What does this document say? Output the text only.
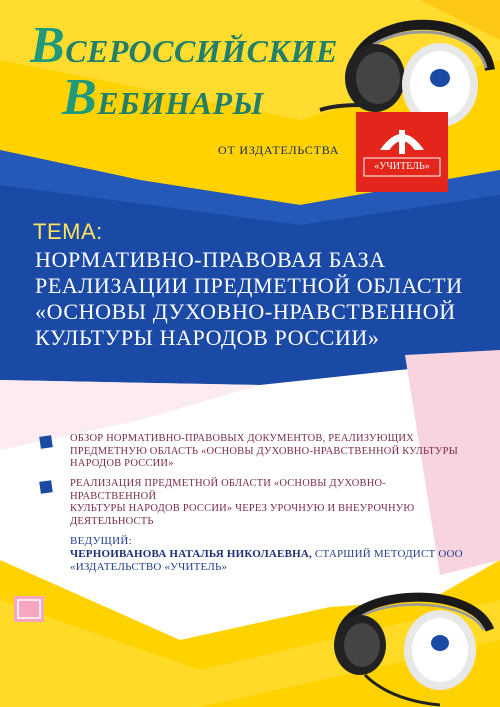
ВСЕРОССИЙСКИЕ
ВЕБИНАРЫ
ОТ ИЗДАТЕЛЬСТВА
«УЧИТЕЛЬ»
ТЕМА:
НОРМАТИВНО-ПРАВОВАЯ БАЗА
РЕАЛИЗАЦИИ ПРЕДМЕТНОЙ ОБЛАСТИ
«ОСНОВЫ ДУХОВНО-НРАВСТВЕННОЙ
КУЛЬТУРЫ НАРОДОВ РОССИИ»
ОБЗОР НОРМАТИВНО-ПРАВОВЫХ ДОКУМЕНТОВ, РЕАЛИЗУЮЩИХ
ПРЕДМЕТНУЮ ОБЛАСТЬ «ОСНОВЫ ДУХОВНО-НРАВСТВЕННОЙ КУЛЬТУРЫ
НАРОДОВ РОССИИ»
РЕАЛИЗАЦИЯ ПРЕДМЕТНОЙ ОБЛАСТИ «ОСНОВЫ ДУХОВНО-НРАВСТВЕННОЙ
КУЛЬТУРЫ НАРОДОВ РОССИИ» ЧЕРЕЗ УРОЧНУЮ И ВНЕУРОЧНУЮ
ДЕЯТЕЛЬНОСТЬ
ВЕДУЩИЙ:
ЧЕРНОИВАНОВА НАТАЛЬЯ НИКОЛАЕВНА, СТАРШИЙ МЕТОДИСТ ООО
«ИЗДАТЕЛЬСТВО «УЧИТЕЛЬ»
